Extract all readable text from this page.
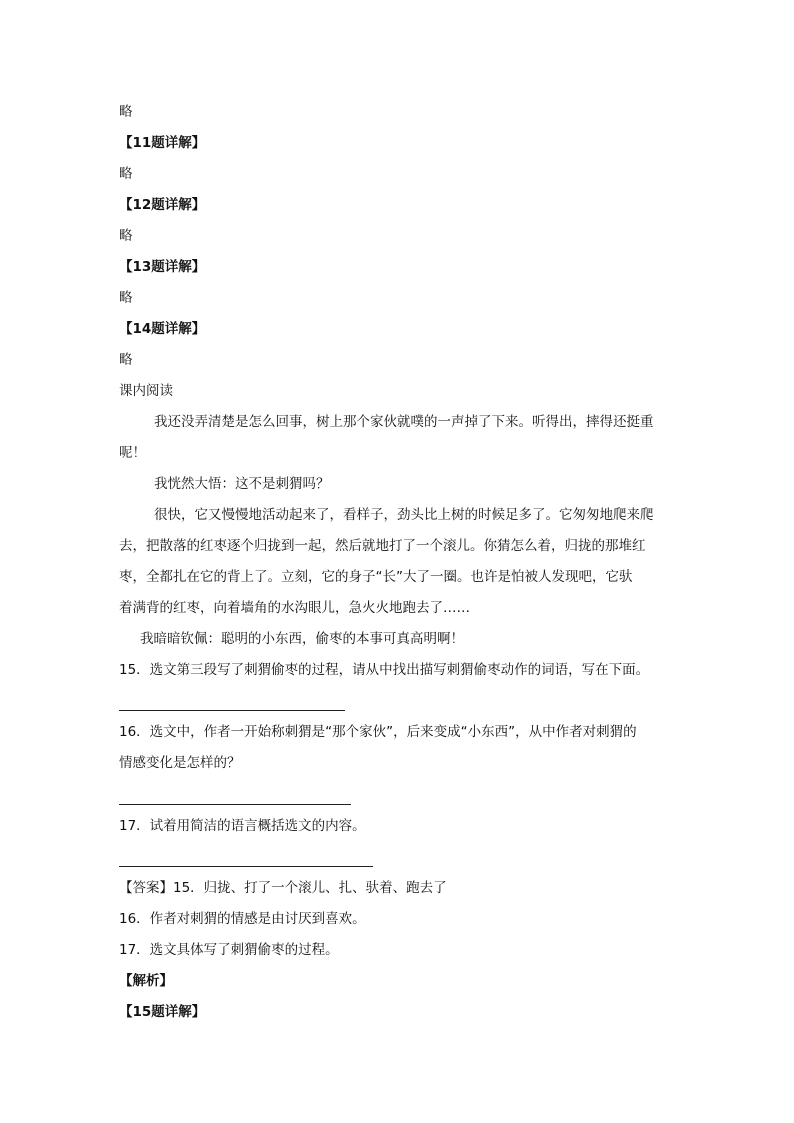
略
【11题详解】
略
【12题详解】
略
【13题详解】
略
【14题详解】
略
课内阅读
我还没弄清楚是怎么回事，树上那个家伙就噗的一声掉了下来。听得出，摔得还挺重
呢！
我恍然大悟：这不是刺猬吗？
很快，它又慢慢地活动起来了，看样子，劲头比上树的时候足多了。它匆匆地爬来爬
去，把散落的红枣逐个归拢到一起，然后就地打了一个滚儿。你猜怎么着，归拢的那堆红
枣，全都扎在它的背上了。立刻，它的身子“长”大了一圈。也许是怕被人发现吧，它驮
着满背的红枣，向着墙角的水沟眼儿，急火火地跑去了……
我暗暗钦佩：聪明的小东西，偷枣的本事可真高明啊！
15．选文第三段写了刺猬偷枣的过程，请从中找出描写刺猬偷枣动作的词语，写在下面。
16．选文中，作者一开始称刺猬是“那个家伙”，后来变成“小东西”，从中作者对刺猬的
情感变化是怎样的？
17．试着用简洁的语言概括选文的内容。
【答案】15．归拢、打了一个滚儿、扎、驮着、跑去了
16．作者对刺猬的情感是由讨厌到喜欢。
17．选文具体写了刺猬偷枣的过程。
【解析】
【15题详解】
